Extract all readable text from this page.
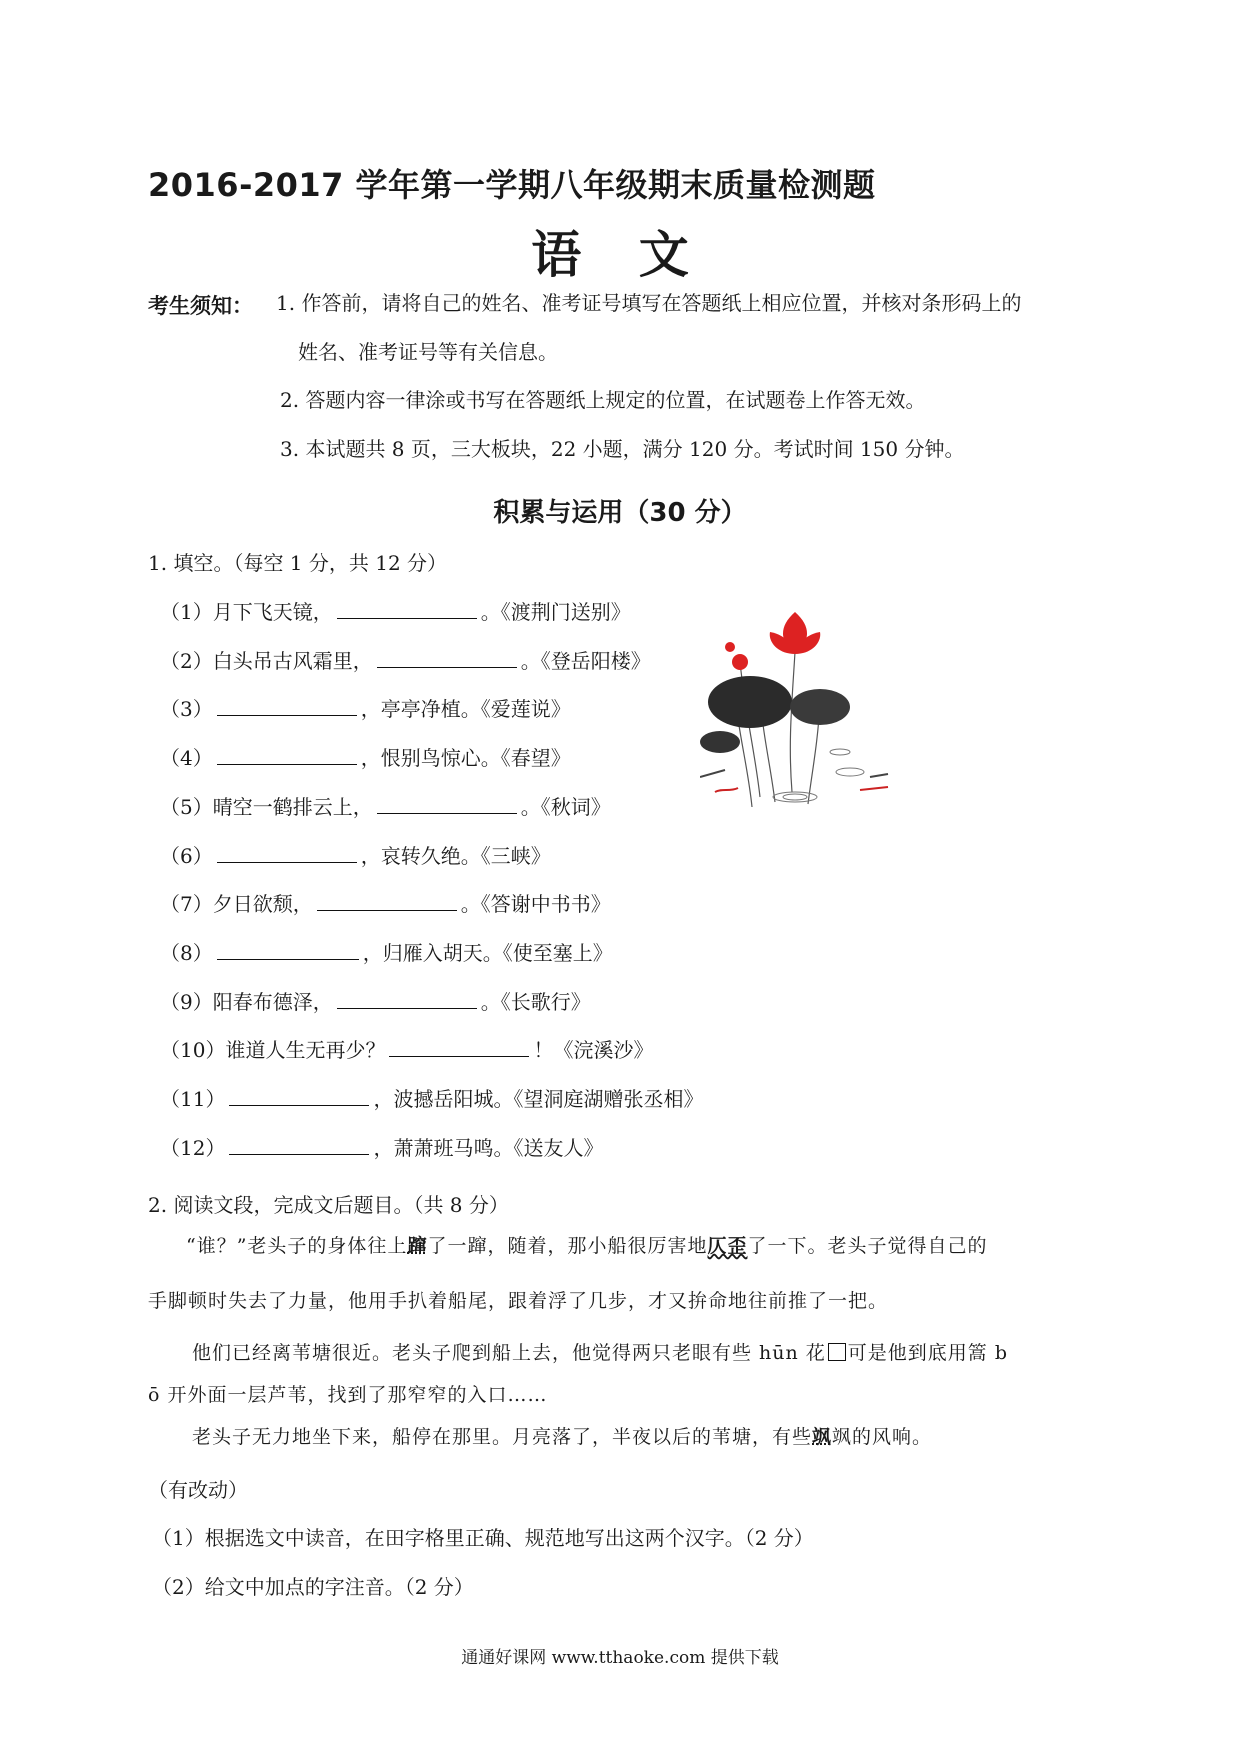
2016-2017 学年第一学期八年级期末质量检测题
语 文
考生须知： 1. 作答前，请将自己的姓名、准考证号填写在答题纸上相应位置，并核对条形码上的
姓名、准考证号等有关信息。
2. 答题内容一律涂或书写在答题纸上规定的位置，在试题卷上作答无效。
3. 本试题共 8 页，三大板块，22 小题，满分 120 分。考试时间 150 分钟。
积累与运用（30 分）
1. 填空。（每空 1 分，共 12 分）
（1）月下飞天镜，	。《渡荆门送别》
（2）白头吊古风霜里，	。《登岳阳楼》
（3）	，亭亭净植。《爱莲说》
（4）	，恨别鸟惊心。《春望》
（5）晴空一鹤排云上，	。《秋词》
（6）	，哀转久绝。《三峡》
（7）夕日欲颓，	。《答谢中书书》
（8）	，归雁入胡天。《使至塞上》
（9）阳春布德泽，	。《长歌行》
（10）谁道人生无再少？	！《浣溪沙》
（11）	，波撼岳阳城。《望洞庭湖赠张丞相》
（12）	，萧萧班马鸣。《送友人》
2. 阅读文段，完成文后题目。（共 8 分）
“谁？”老头子的身体往上蹿了一蹿，随着，那小船很厉害地仄歪了一下。老头子觉得自己的
手脚顿时失去了力量，他用手扒着船尾，跟着浮了几步，才又拚命地往前推了一把。
他们已经离苇塘很近。老头子爬到船上去，他觉得两只老眼有些 hūn 花 可是他到底用篙 b
ō 开外面一层芦苇，找到了那窄窄的入口……
老头子无力地坐下来，船停在那里。月亮落了，半夜以后的苇塘，有些飒飒的风响。
（有改动）
（1）根据选文中读音，在田字格里正确、规范地写出这两个汉字。（2 分）
（2）给文中加点的字注音。（2 分）
通通好课网 www.tthaoke.com 提供下载
